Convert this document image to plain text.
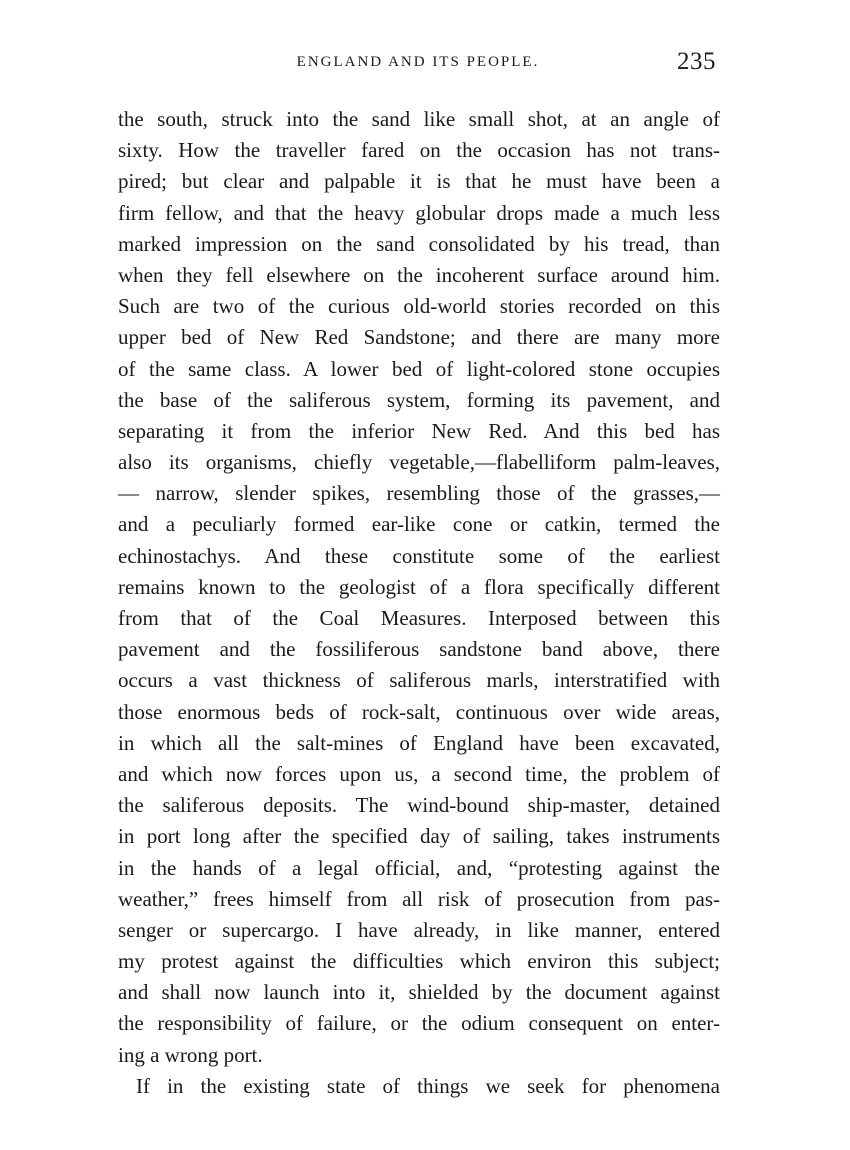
ENGLAND AND ITS PEOPLE.	235
the south, struck into the sand like small shot, at an angle of
sixty. How the traveller fared on the occasion has not trans-
pired; but clear and palpable it is that he must have been a
firm fellow, and that the heavy globular drops made a much less
marked impression on the sand consolidated by his tread, than
when they fell elsewhere on the incoherent surface around him.
Such are two of the curious old-world stories recorded on this
upper bed of New Red Sandstone; and there are many more
of the same class. A lower bed of light-colored stone occupies
the base of the saliferous system, forming its pavement, and
separating it from the inferior New Red. And this bed has
also its organisms, chiefly vegetable,—flabelliform palm-leaves,
— narrow, slender spikes, resembling those of the grasses,—
and a peculiarly formed ear-like cone or catkin, termed the
echinostachys. And these constitute some of the earliest
remains known to the geologist of a flora specifically different
from that of the Coal Measures. Interposed between this
pavement and the fossiliferous sandstone band above, there
occurs a vast thickness of saliferous marls, interstratified with
those enormous beds of rock-salt, continuous over wide areas,
in which all the salt-mines of England have been excavated,
and which now forces upon us, a second time, the problem of
the saliferous deposits. The wind-bound ship-master, detained
in port long after the specified day of sailing, takes instruments
in the hands of a legal official, and, “protesting against the
weather,” frees himself from all risk of prosecution from pas-
senger or supercargo. I have already, in like manner, entered
my protest against the difficulties which environ this subject;
and shall now launch into it, shielded by the document against
the responsibility of failure, or the odium consequent on enter-
ing a wrong port.
If in the existing state of things we seek for phenomena
